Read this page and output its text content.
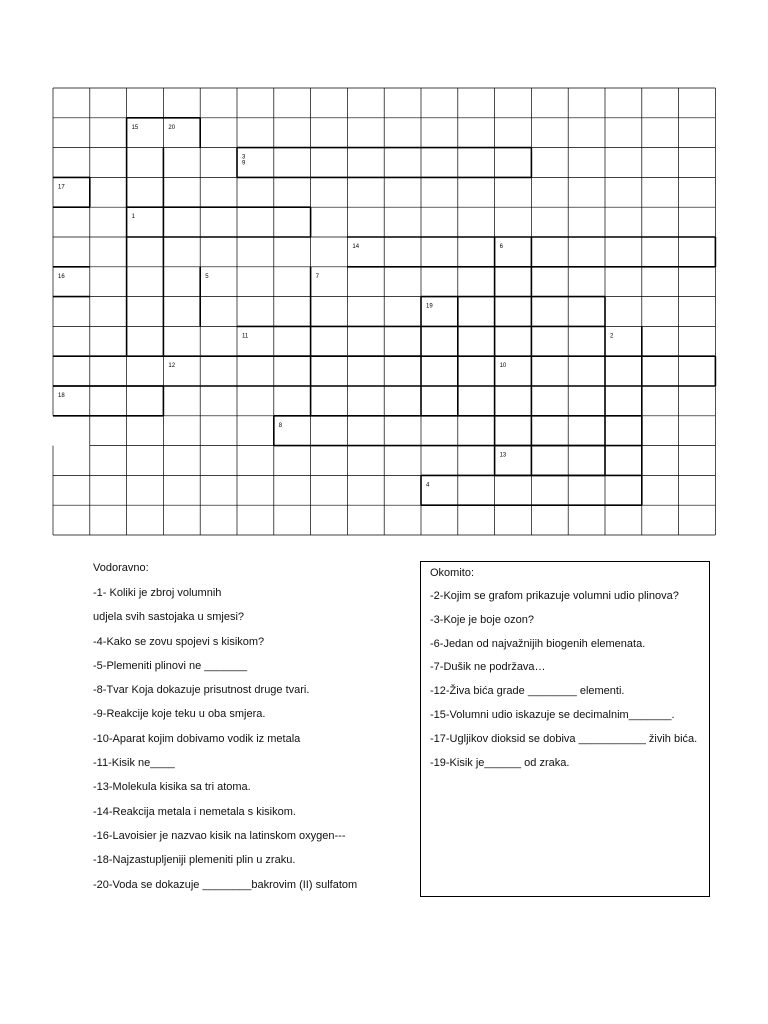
15	20
3
9
17
1
14	6
16	5	7
19
11	2
12	10
18
8
13
4
Vodoravno:
-1- Koliki je zbroj volumnih
udjela svih sastojaka u smjesi?
-4-Kako se zovu spojevi s kisikom?
-5-Plemeniti plinovi ne _______
-8-Tvar Koja dokazuje prisutnost druge tvari.
-9-Reakcije koje teku u oba smjera.
-10-Aparat kojim dobivamo vodik iz metala
-11-Kisik ne____
-13-Molekula kisika sa tri atoma.
-14-Reakcija metala i nemetala s kisikom.
-16-Lavoisier je nazvao kisik na latinskom oxygen---
-18-Najzastupljeniji plemeniti plin u zraku.
-20-Voda se dokazuje ________bakrovim (II) sulfatom
Okomito:
-2-Kojim se grafom prikazuje volumni udio plinova?
-3-Koje je boje ozon?
-6-Jedan od najvažnijih biogenih elemenata.
-7-Dušik ne podržava…
-12-Živa bića grade ________ elementi.
-15-Volumni udio iskazuje se decimalnim_______.
-17-Ugljikov dioksid se dobiva ___________ živih bića.
-19-Kisik je______ od zraka.
